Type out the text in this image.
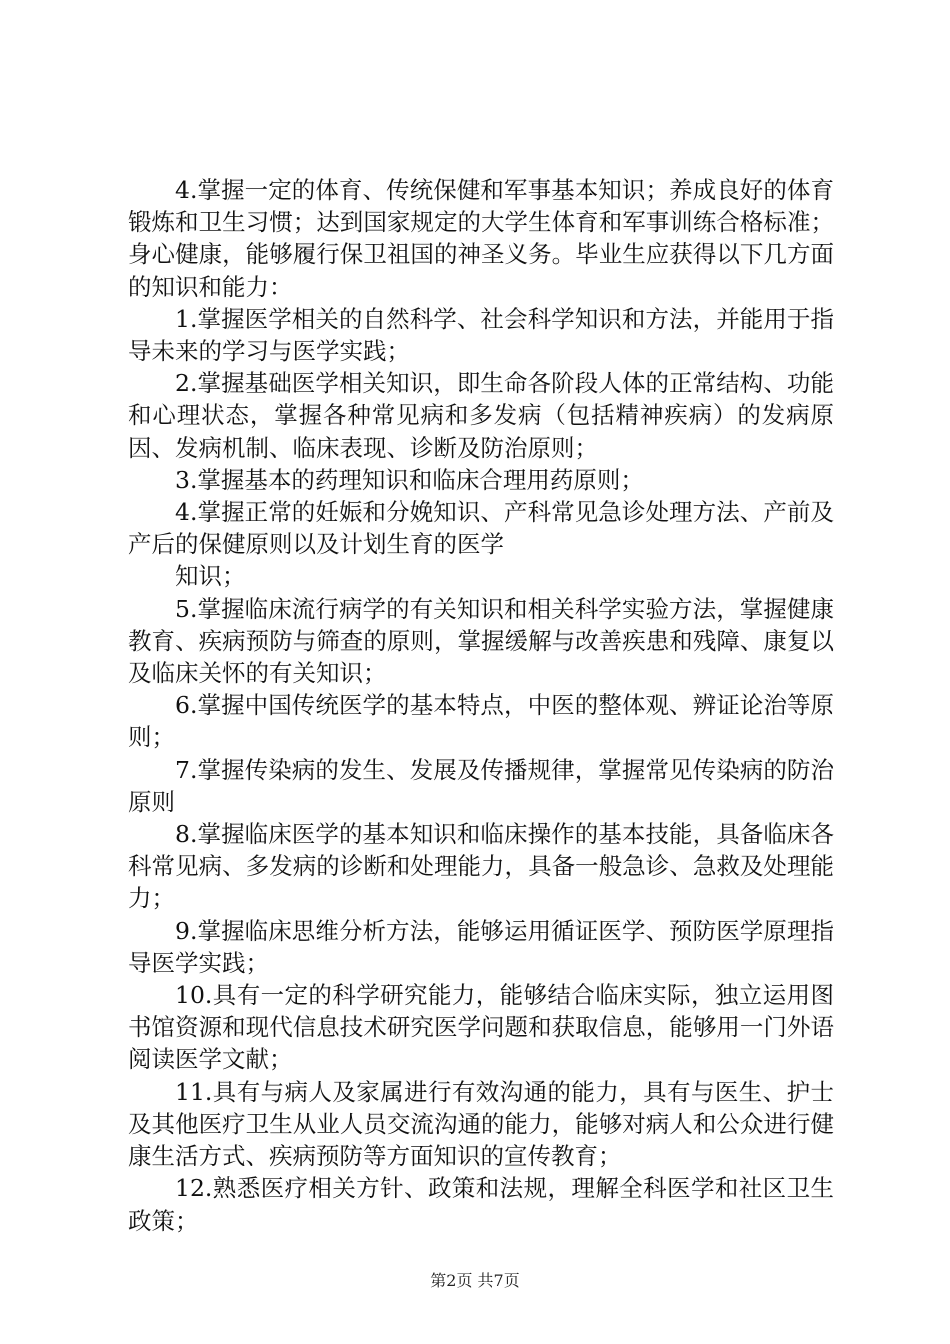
4.掌握一定的体育、传统保健和军事基本知识；养成良好的体育锻炼和卫生习惯；达到国家规定的大学生体育和军事训练合格标准；身心健康，能够履行保卫祖国的神圣义务。毕业生应获得以下几方面的知识和能力：

1.掌握医学相关的自然科学、社会科学知识和方法，并能用于指导未来的学习与医学实践；

2.掌握基础医学相关知识，即生命各阶段人体的正常结构、功能和心理状态，掌握各种常见病和多发病（包括精神疾病）的发病原因、发病机制、临床表现、诊断及防治原则；

3.掌握基本的药理知识和临床合理用药原则；

4.掌握正常的妊娠和分娩知识、产科常见急诊处理方法、产前及产后的保健原则以及计划生育的医学

知识；

5.掌握临床流行病学的有关知识和相关科学实验方法，掌握健康教育、疾病预防与筛查的原则，掌握缓解与改善疾患和残障、康复以及临床关怀的有关知识；

6.掌握中国传统医学的基本特点，中医的整体观、辨证论治等原则；

7.掌握传染病的发生、发展及传播规律，掌握常见传染病的防治原则

8.掌握临床医学的基本知识和临床操作的基本技能，具备临床各科常见病、多发病的诊断和处理能力，具备一般急诊、急救及处理能力；

9.掌握临床思维分析方法，能够运用循证医学、预防医学原理指导医学实践；

10.具有一定的科学研究能力，能够结合临床实际，独立运用图书馆资源和现代信息技术研究医学问题和获取信息，能够用一门外语阅读医学文献；

11.具有与病人及家属进行有效沟通的能力，具有与医生、护士及其他医疗卫生从业人员交流沟通的能力，能够对病人和公众进行健康生活方式、疾病预防等方面知识的宣传教育；

12.熟悉医疗相关方针、政策和法规，理解全科医学和社区卫生政策；

第2页 共7页
